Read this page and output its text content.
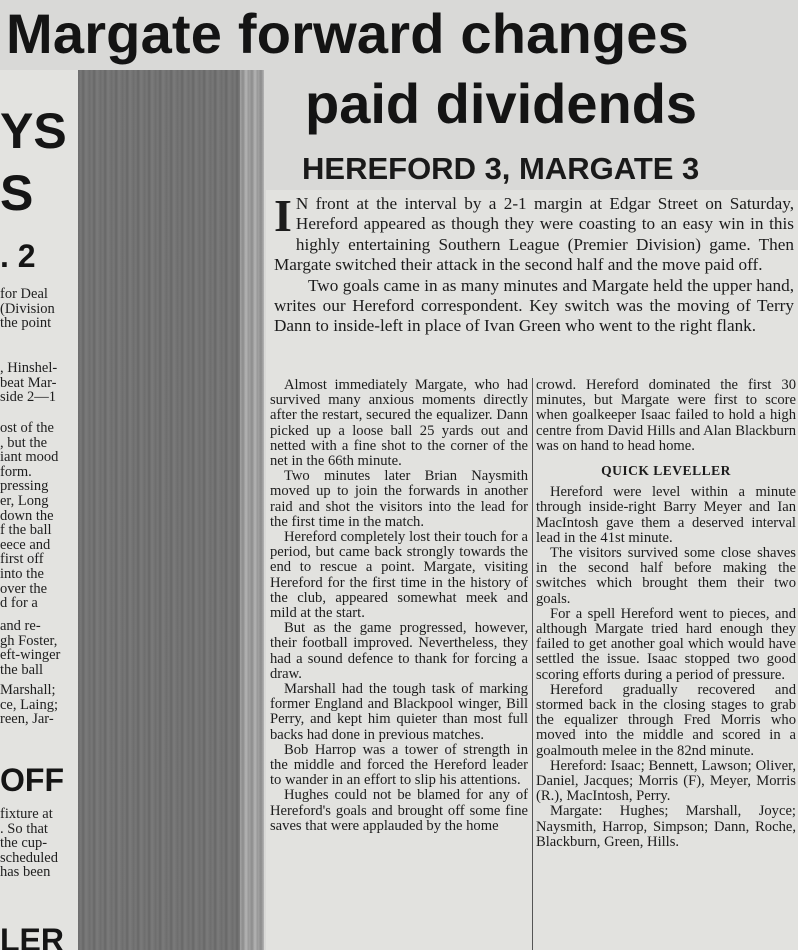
YS
S
. 2
for Deal
(Division
the point
, Hinshel-
beat Mar-
side 2—1
ost of the
, but the
iant mood
form.
pressing
er, Long
down the
f the ball
eece and
first off
into the
over the
d for a
and re-
gh Foster,
eft-winger
the ball
Marshall;
ce, Laing;
reen, Jar-
OFF
fixture at
. So that
the cup-
scheduled
has been
LER
Margate forward changes
paid dividends
HEREFORD 3, MARGATE 3

I N front at the interval by a 2-1 margin at Edgar Street on Saturday, Hereford appeared as though they were coasting to an easy win in this highly entertaining Southern League (Premier Division) game. Then Margate switched their attack in the second half and the move paid off.

Two goals came in as many minutes and Margate held the upper hand, writes our Hereford correspondent. Key switch was the moving of Terry Dann to inside-left in place of Ivan Green who went to the right flank.

Almost immediately Margate, who had survived many anxious moments directly after the restart, secured the equalizer. Dann picked up a loose ball 25 yards out and netted with a fine shot to the corner of the net in the 66th minute.

Two minutes later Brian Naysmith moved up to join the forwards in another raid and shot the visitors into the lead for the first time in the match.

Hereford completely lost their touch for a period, but came back strongly towards the end to rescue a point. Margate, visiting Hereford for the first time in the history of the club, appeared somewhat meek and mild at the start.

But as the game progressed, however, their football improved. Nevertheless, they had a sound defence to thank for forcing a draw.

Marshall had the tough task of marking former England and Blackpool winger, Bill Perry, and kept him quieter than most full backs had done in previous matches.

Bob Harrop was a tower of strength in the middle and forced the Hereford leader to wander in an effort to slip his attentions.

Hughes could not be blamed for any of Hereford's goals and brought off some fine saves that were applauded by the home

crowd. Hereford dominated the first 30 minutes, but Margate were first to score when goalkeeper Isaac failed to hold a high centre from David Hills and Alan Blackburn was on hand to head home.

QUICK LEVELLER

Hereford were level within a minute through inside-right Barry Meyer and Ian MacIntosh gave them a deserved interval lead in the 41st minute.

The visitors survived some close shaves in the second half before making the switches which brought them their two goals.

For a spell Hereford went to pieces, and although Margate tried hard enough they failed to get another goal which would have settled the issue. Isaac stopped two good scoring efforts during a period of pressure.

Hereford gradually recovered and stormed back in the closing stages to grab the equalizer through Fred Morris who moved into the middle and scored in a goalmouth melee in the 82nd minute.

Hereford: Isaac; Bennett, Lawson; Oliver, Daniel, Jacques; Morris (F), Meyer, Morris (R.), MacIntosh, Perry.

Margate: Hughes; Marshall, Joyce; Naysmith, Harrop, Simpson; Dann, Roche, Blackburn, Green, Hills.
